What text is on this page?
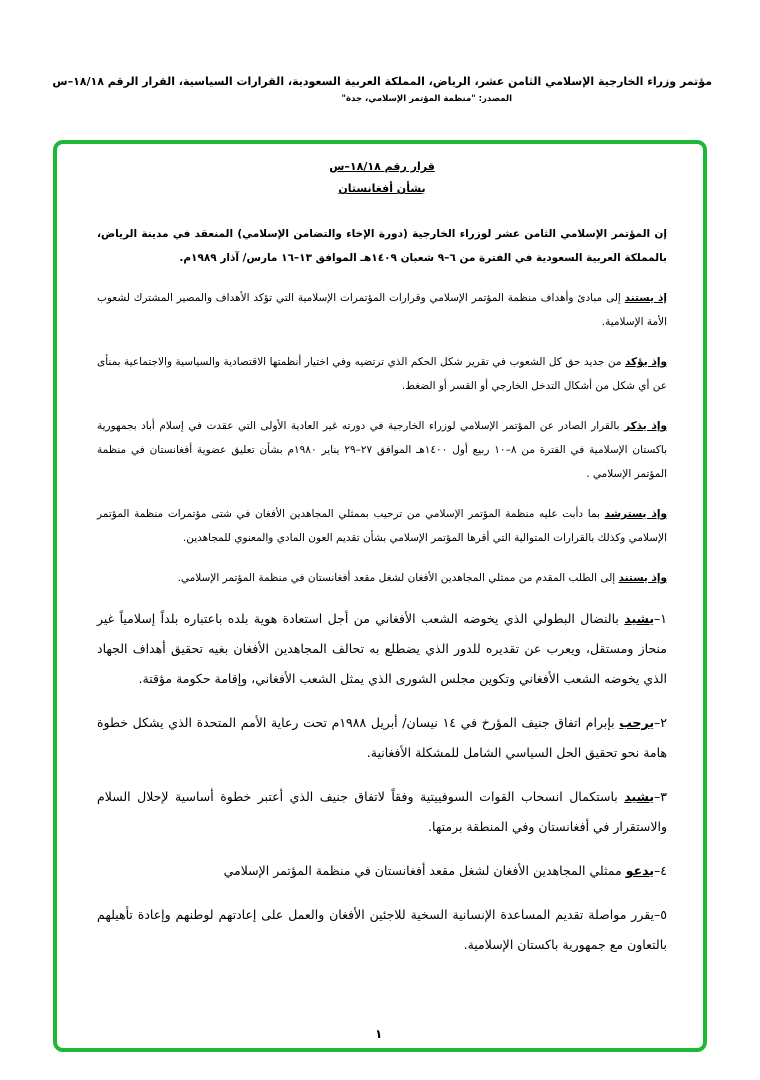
مؤتمر وزراء الخارجية الإسلامي الثامن عشر، الرياض، المملكة العربية السعودية، القرارات السياسية، القرار الرقم ١٨/١٨–س
المصدر: "منظمة المؤتمر الإسلامي، جدة"
قرار رقم ١٨/١٨–س
بشأن أفغانستان
إن المؤتمر الإسلامي الثامن عشر لوزراء الخارجية (دورة الإخاء والتضامن الإسلامي) المنعقد في مدينة الرياض، بالمملكة العربية السعودية في الفترة من ٦–٩ شعبان ١٤٠٩هـ الموافق ١٣–١٦ مارس/ آذار ١٩٨٩م.
إذ يستند إلى مبادئ وأهداف منظمة المؤتمر الإسلامي وقرارات المؤتمرات الإسلامية التي تؤكد الأهداف والمصير المشترك لشعوب الأمة الإسلامية.
وإذ يؤكد من جديد حق كل الشعوب في تقرير شكل الحكم الذي ترتضيه وفي اختيار أنظمتها الاقتصادية والسياسية والاجتماعية بمنأى عن أي شكل من أشكال التدخل الخارجي أو القسر أو الضغط.
وإذ يذكر بالقرار الصادر عن المؤتمر الإسلامي لوزراء الخارجية في دورته غير العادية الأولى التي عقدت في إسلام أباد بجمهورية باكستان الإسلامية في الفترة من ٨–١٠ ربيع أول ١٤٠٠هـ الموافق ٢٧–٢٩ يناير ١٩٨٠م بشأن تعليق عضوية أفغانستان في منظمة المؤتمر الإسلامي .
وإذ يسترشد بما دأبت عليه منظمة المؤتمر الإسلامي من ترحيب بممثلي المجاهدين الأفغان في شتى مؤتمرات منظمة المؤتمر الإسلامي وكذلك بالقرارات المتوالية التي أقرها المؤتمر الإسلامي بشأن تقديم العون المادي والمعنوي للمجاهدين.
وإذ يستند إلى الطلب المقدم من ممثلي المجاهدين الأفغان لشغل مقعد أفغانستان في منظمة المؤتمر الإسلامي.
١–يشيد بالنضال البطولي الذي يخوضه الشعب الأفغاني من أجل استعادة هوية بلده باعتباره بلداً إسلامياً غير منحاز ومستقل، ويعرب عن تقديره للدور الذي يضطلع به تحالف المجاهدين الأفغان بغيه تحقيق أهداف الجهاد الذي يخوضه الشعب الأفغاني وتكوين مجلس الشورى الذي يمثل الشعب الأفغاني، وإقامة حكومة مؤقتة.
٢–يرحب بإبرام اتفاق جنيف المؤرخ في ١٤ نيسان/ أبريل ١٩٨٨م تحت رعاية الأمم المتحدة الذي يشكل خطوة هامة نحو تحقيق الحل السياسي الشامل للمشكلة الأفغانية.
٣–يشيد باستكمال انسحاب القوات السوفييتية وفقاً لاتفاق جنيف الذي أعتبر خطوة أساسية لإحلال السلام والاستقرار في أفغانستان وفي المنطقة برمتها.
٤–يدعو ممثلي المجاهدين الأفغان لشغل مقعد أفغانستان في منظمة المؤتمر الإسلامي
٥–يقرر مواصلة تقديم المساعدة الإنسانية السخية للاجئين الأفغان والعمل على إعادتهم لوطنهم وإعادة تأهيلهم بالتعاون مع جمهورية باكستان الإسلامية.
١
